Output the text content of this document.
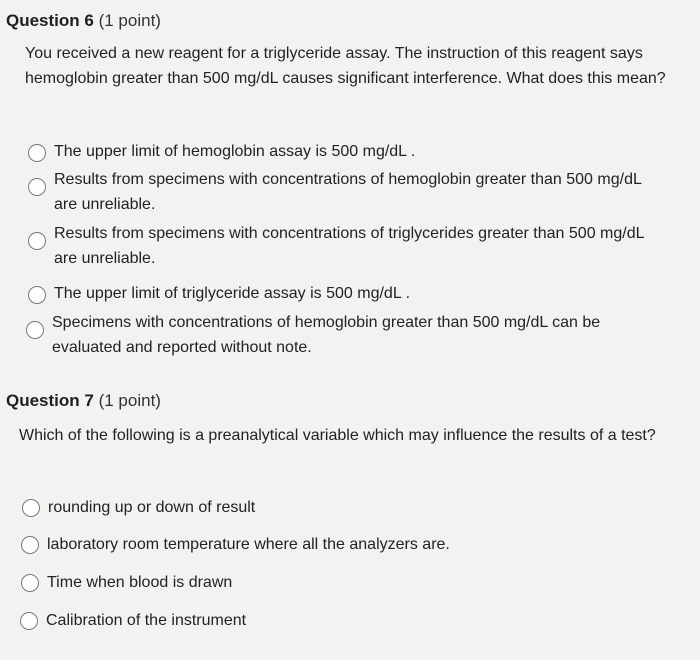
Question 6 (1 point)
You received a new reagent for a triglyceride assay. The instruction of this reagent says hemoglobin greater than 500 mg/dL causes significant interference. What does this mean?
The upper limit of hemoglobin assay is 500 mg/dL .
Results from specimens with concentrations of hemoglobin greater than 500 mg/dL are unreliable.
Results from specimens with concentrations of triglycerides greater than 500 mg/dL are unreliable.
The upper limit of triglyceride assay is 500 mg/dL .
Specimens with concentrations of hemoglobin greater than 500 mg/dL can be evaluated and reported without note.
Question 7 (1 point)
Which of the following is a preanalytical variable which may influence the results of a test?
rounding up or down of result
laboratory room temperature where all the analyzers are.
Time when blood is drawn
Calibration of the instrument
